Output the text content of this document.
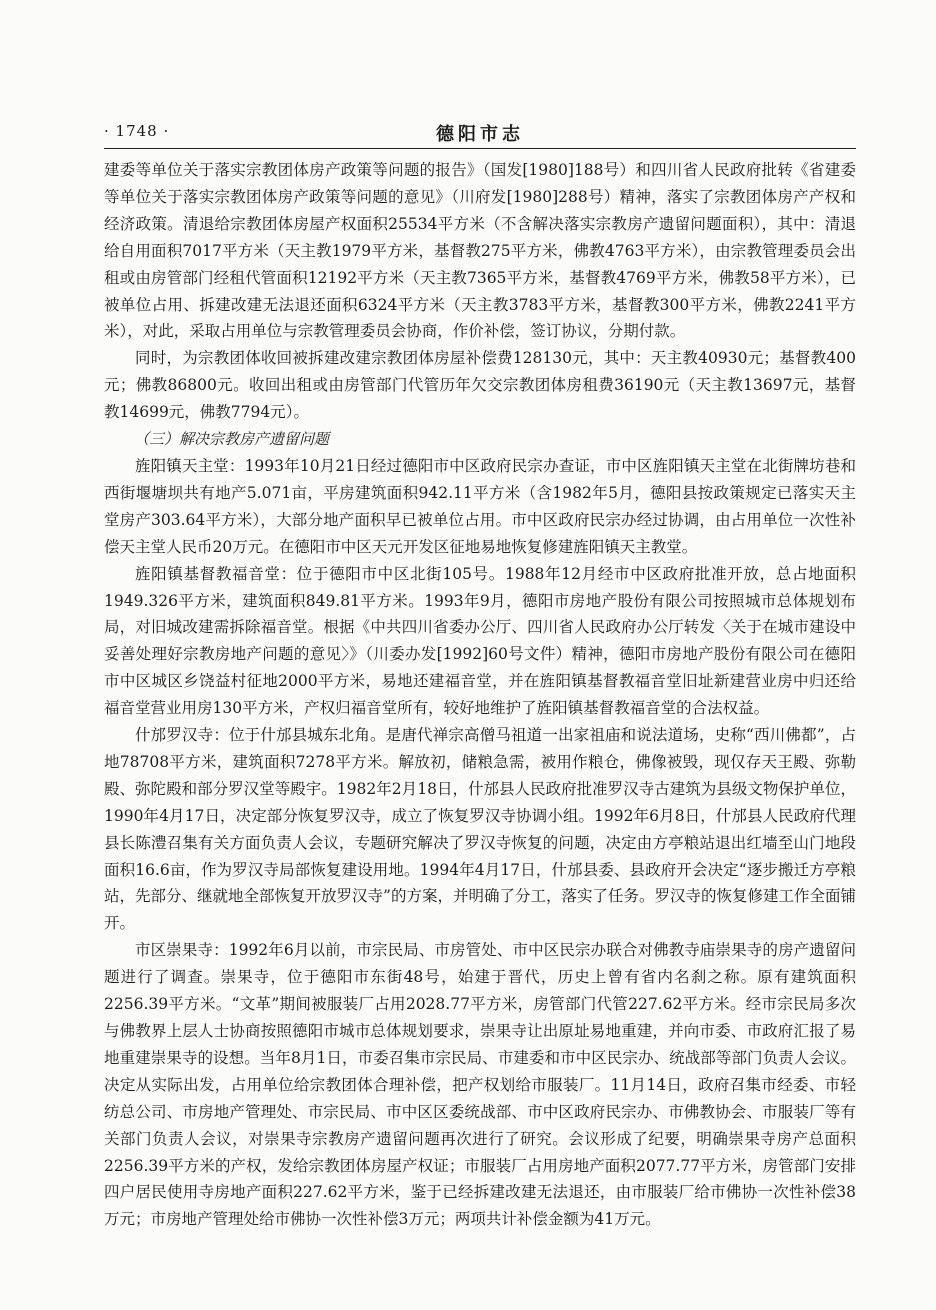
· 1748 ·	德阳市志

建委等单位关于落实宗教团体房产政策等问题的报告》（国发[1980]188号）和四川省人民政府批转《省建委等单位关于落实宗教团体房产政策等问题的意见》（川府发[1980]288号）精神，落实了宗教团体房产产权和经济政策。清退给宗教团体房屋产权面积25534平方米（不含解决落实宗教房产遗留问题面积），其中：清退给自用面积7017平方米（天主教1979平方米，基督教275平方米，佛教4763平方米），由宗教管理委员会出租或由房管部门经租代管面积12192平方米（天主教7365平方米，基督教4769平方米，佛教58平方米），已被单位占用、拆建改建无法退还面积6324平方米（天主教3783平方米，基督教300平方米，佛教2241平方米），对此，采取占用单位与宗教管理委员会协商，作价补偿，签订协议，分期付款。

同时，为宗教团体收回被拆建改建宗教团体房屋补偿费128130元，其中：天主教40930元；基督教400元；佛教86800元。收回出租或由房管部门代管历年欠交宗教团体房租费36190元（天主教13697元，基督教14699元，佛教7794元）。

（三）解决宗教房产遗留问题

旌阳镇天主堂：1993年10月21日经过德阳市中区政府民宗办查证，市中区旌阳镇天主堂在北街牌坊巷和西街堰塘坝共有地产5.071亩，平房建筑面积942.11平方米（含1982年5月，德阳县按政策规定已落实天主堂房产303.64平方米），大部分地产面积早已被单位占用。市中区政府民宗办经过协调，由占用单位一次性补偿天主堂人民币20万元。在德阳市中区天元开发区征地易地恢复修建旌阳镇天主教堂。

旌阳镇基督教福音堂：位于德阳市中区北街105号。1988年12月经市中区政府批准开放，总占地面积1949.326平方米，建筑面积849.81平方米。1993年9月，德阳市房地产股份有限公司按照城市总体规划布局，对旧城改建需拆除福音堂。根据《中共四川省委办公厅、四川省人民政府办公厅转发〈关于在城市建设中妥善处理好宗教房地产问题的意见〉》（川委办发[1992]60号文件）精神，德阳市房地产股份有限公司在德阳市中区城区乡饶益村征地2000平方米，易地还建福音堂，并在旌阳镇基督教福音堂旧址新建营业房中归还给福音堂营业用房130平方米，产权归福音堂所有，较好地维护了旌阳镇基督教福音堂的合法权益。

什邡罗汉寺：位于什邡县城东北角。是唐代禅宗高僧马祖道一出家祖庙和说法道场，史称“西川佛都”，占地78708平方米，建筑面积7278平方米。解放初，储粮急需，被用作粮仓，佛像被毁，现仅存天王殿、弥勒殿、弥陀殿和部分罗汉堂等殿宇。1982年2月18日，什邡县人民政府批准罗汉寺古建筑为县级文物保护单位，1990年4月17日，决定部分恢复罗汉寺，成立了恢复罗汉寺协调小组。1992年6月8日，什邡县人民政府代理县长陈澧召集有关方面负责人会议，专题研究解决了罗汉寺恢复的问题，决定由方亭粮站退出红墙至山门地段面积16.6亩，作为罗汉寺局部恢复建设用地。1994年4月17日，什邡县委、县政府开会决定“逐步搬迁方亭粮站，先部分、继就地全部恢复开放罗汉寺”的方案，并明确了分工，落实了任务。罗汉寺的恢复修建工作全面铺开。

市区崇果寺：1992年6月以前，市宗民局、市房管处、市中区民宗办联合对佛教寺庙崇果寺的房产遗留问题进行了调查。崇果寺，位于德阳市东街48号，始建于晋代，历史上曾有省内名刹之称。原有建筑面积2256.39平方米。“文革”期间被服装厂占用2028.77平方米，房管部门代管227.62平方米。经市宗民局多次与佛教界上层人士协商按照德阳市城市总体规划要求，崇果寺让出原址易地重建，并向市委、市政府汇报了易地重建崇果寺的设想。当年8月1日，市委召集市宗民局、市建委和市中区民宗办、统战部等部门负责人会议。决定从实际出发，占用单位给宗教团体合理补偿，把产权划给市服装厂。11月14日，政府召集市经委、市轻纺总公司、市房地产管理处、市宗民局、市中区区委统战部、市中区政府民宗办、市佛教协会、市服装厂等有关部门负责人会议，对崇果寺宗教房产遗留问题再次进行了研究。会议形成了纪要，明确崇果寺房产总面积2256.39平方米的产权，发给宗教团体房屋产权证；市服装厂占用房地产面积2077.77平方米，房管部门安排四户居民使用寺房地产面积227.62平方米，鉴于已经拆建改建无法退还，由市服装厂给市佛协一次性补偿38万元；市房地产管理处给市佛协一次性补偿3万元；两项共计补偿金额为41万元。
